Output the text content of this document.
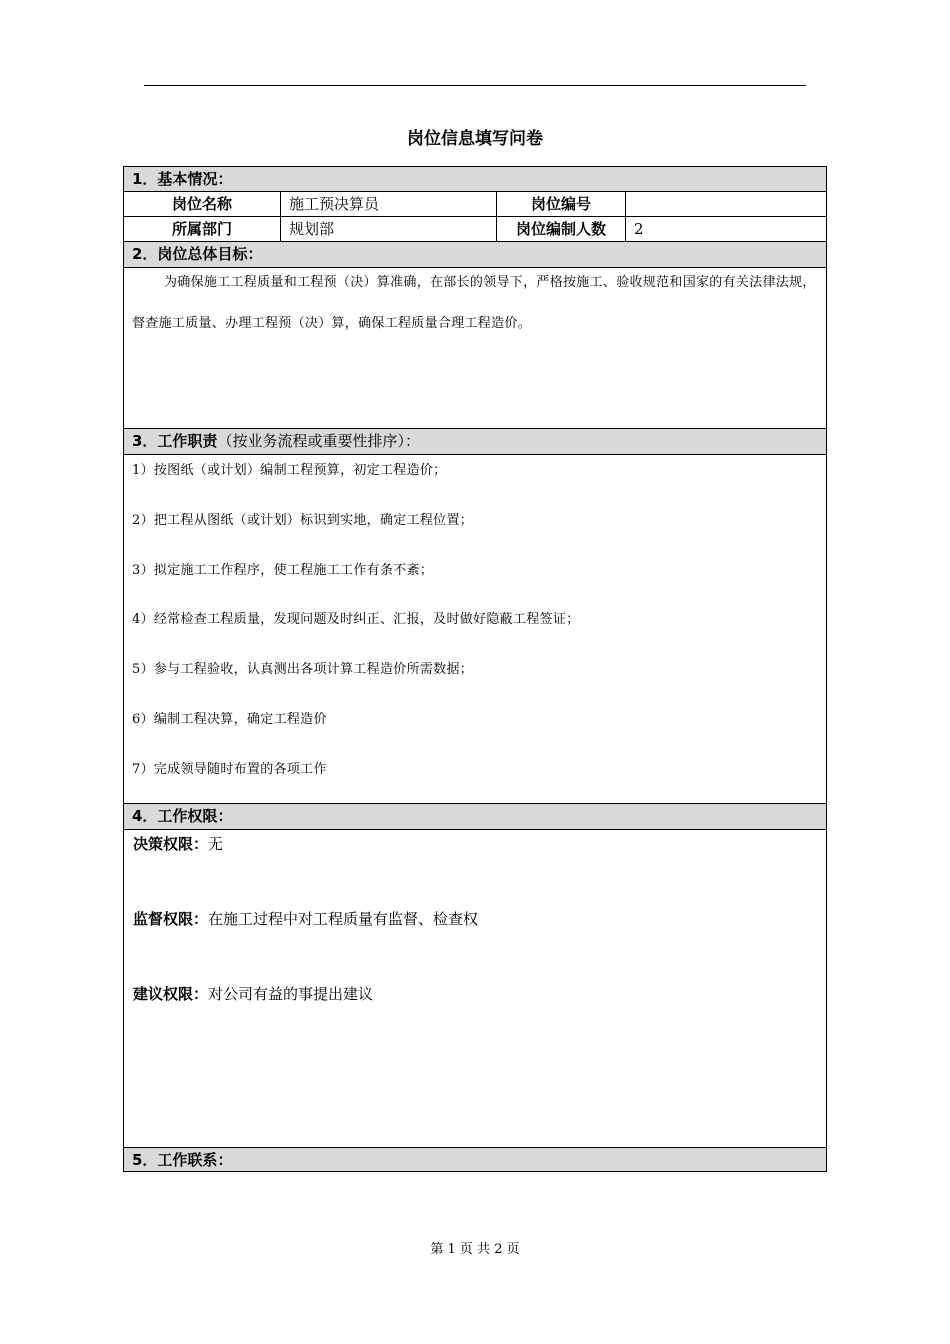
岗位信息填写问卷
1．基本情况：
岗位名称	施工预决算员	岗位编号
所属部门	规划部	岗位编制人数	2
2．岗位总体目标：
为确保施工工程质量和工程预（决）算准确，在部长的领导下，严格按施工、验收规范和国家的有关法律法规，督查施工质量、办理工程预（决）算，确保工程质量合理工程造价。
3．工作职责（按业务流程或重要性排序）：
1）按图纸（或计划）编制工程预算，初定工程造价；
2）把工程从图纸（或计划）标识到实地，确定工程位置；
3）拟定施工工作程序，使工程施工工作有条不紊；
4）经常检查工程质量，发现问题及时纠正、汇报，及时做好隐蔽工程签证；
5）参与工程验收，认真测出各项计算工程造价所需数据；
6）编制工程决算，确定工程造价
7）完成领导随时布置的各项工作
4．工作权限：
决策权限：无
监督权限：在施工过程中对工程质量有监督、检查权
建议权限：对公司有益的事提出建议
5．工作联系：
第 1 页 共 2 页
